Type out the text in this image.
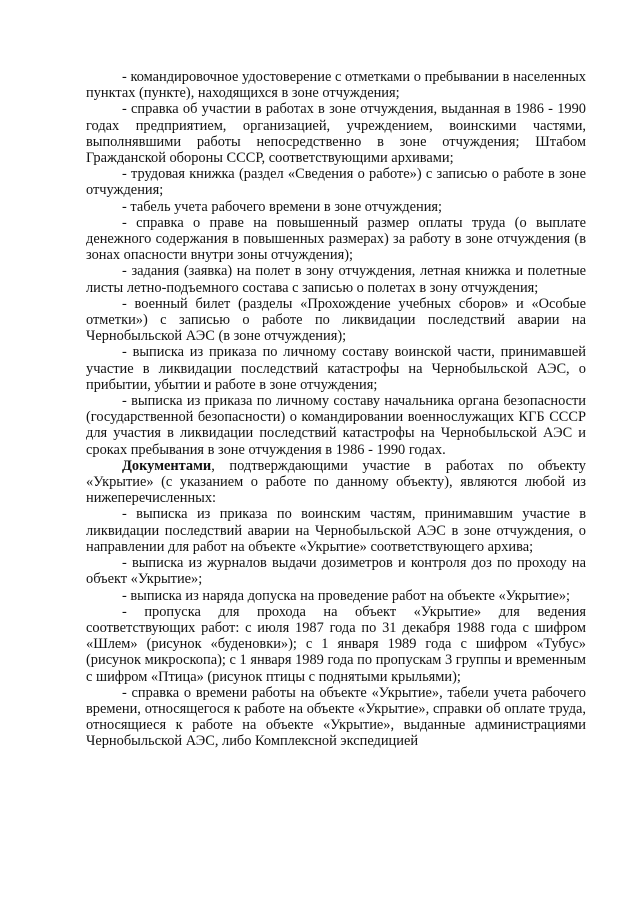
- командировочное удостоверение с отметками о пребывании в населенных пунктах (пункте), находящихся в зоне отчуждения;

- справка об участии в работах в зоне отчуждения, выданная в 1986 - 1990 годах предприятием, организацией, учреждением, воинскими частями, выполнявшими работы непосредственно в зоне отчуждения; Штабом Гражданской обороны СССР, соответствующими архивами;

- трудовая книжка (раздел «Сведения о работе») с записью о работе в зоне отчуждения;

- табель учета рабочего времени в зоне отчуждения;

- справка о праве на повышенный размер оплаты труда (о выплате денежного содержания в повышенных размерах) за работу в зоне отчуждения (в зонах опасности внутри зоны отчуждения);

- задания (заявка) на полет в зону отчуждения, летная книжка и полетные листы летно-подъемного состава с записью о полетах в зону отчуждения;

- военный билет (разделы «Прохождение учебных сборов» и «Особые отметки») с записью о работе по ликвидации последствий аварии на Чернобыльской АЭС (в зоне отчуждения);

- выписка из приказа по личному составу воинской части, принимавшей участие в ликвидации последствий катастрофы на Чернобыльской АЭС, о прибытии, убытии и работе в зоне отчуждения;

- выписка из приказа по личному составу начальника органа безопасности (государственной безопасности) о командировании военнослужащих КГБ СССР для участия в ликвидации последствий катастрофы на Чернобыльской АЭС и сроках пребывания в зоне отчуждения в 1986 - 1990 годах.

Документами, подтверждающими участие в работах по объекту «Укрытие» (с указанием о работе по данному объекту), являются любой из нижеперечисленных:

- выписка из приказа по воинским частям, принимавшим участие в ликвидации последствий аварии на Чернобыльской АЭС в зоне отчуждения, о направлении для работ на объекте «Укрытие» соответствующего архива;

- выписка из журналов выдачи дозиметров и контроля доз по проходу на объект «Укрытие»;

- выписка из наряда допуска на проведение работ на объекте «Укрытие»;

- пропуска для прохода на объект «Укрытие» для ведения соответствующих работ: с июля 1987 года по 31 декабря 1988 года с шифром «Шлем» (рисунок «буденовки»); с 1 января 1989 года с шифром «Тубус» (рисунок микроскопа); с 1 января 1989 года по пропускам 3 группы и временным с шифром «Птица» (рисунок птицы с поднятыми крыльями);

- справка о времени работы на объекте «Укрытие», табели учета рабочего времени, относящегося к работе на объекте «Укрытие», справки об оплате труда, относящиеся к работе на объекте «Укрытие», выданные администрациями Чернобыльской АЭС, либо Комплексной экспедицией
